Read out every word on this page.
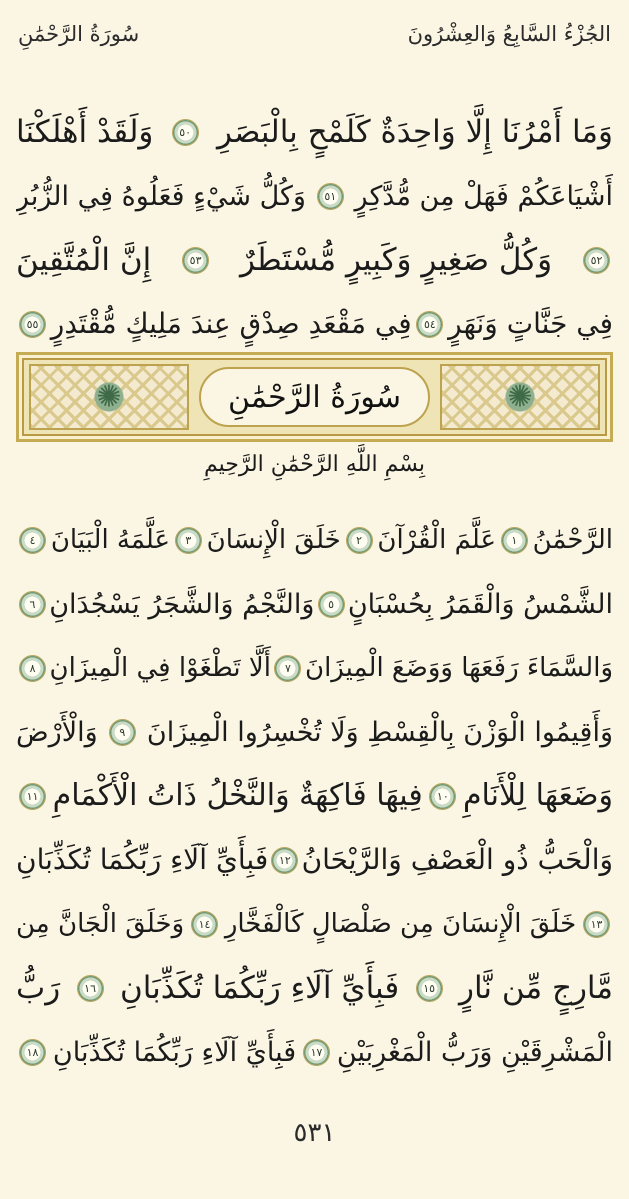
الجُزْءُ السَّابِعُ وَالعِشْرُونَ
سُورَةُ الرَّحْمَٰنِ
وَمَا أَمْرُنَا إِلَّا وَاحِدَةٌ كَلَمْحٍ بِالْبَصَرِ
٥٠
وَلَقَدْ أَهْلَكْنَا
أَشْيَاعَكُمْ فَهَلْ مِن مُّدَّكِرٍ
٥١
وَكُلُّ شَيْءٍ فَعَلُوهُ فِي الزُّبُرِ
٥٢
وَكُلُّ صَغِيرٍ وَكَبِيرٍ مُّسْتَطَرٌ
٥٣
إِنَّ الْمُتَّقِينَ
فِي جَنَّاتٍ وَنَهَرٍ
٥٤
فِي مَقْعَدِ صِدْقٍ عِندَ مَلِيكٍ مُّقْتَدِرٍ
٥٥
✺
سُورَةُ الرَّحْمَٰنِ
✺
بِسْمِ اللَّهِ الرَّحْمَٰنِ الرَّحِيمِ
الرَّحْمَٰنُ
١
عَلَّمَ الْقُرْآنَ
٢
خَلَقَ الْإِنسَانَ
٣
عَلَّمَهُ الْبَيَانَ
٤
الشَّمْسُ وَالْقَمَرُ بِحُسْبَانٍ
٥
وَالنَّجْمُ وَالشَّجَرُ يَسْجُدَانِ
٦
وَالسَّمَاءَ رَفَعَهَا وَوَضَعَ الْمِيزَانَ
٧
أَلَّا تَطْغَوْا فِي الْمِيزَانِ
٨
وَأَقِيمُوا الْوَزْنَ بِالْقِسْطِ وَلَا تُخْسِرُوا الْمِيزَانَ
٩
وَالْأَرْضَ
وَضَعَهَا لِلْأَنَامِ
١٠
فِيهَا فَاكِهَةٌ وَالنَّخْلُ ذَاتُ الْأَكْمَامِ
١١
وَالْحَبُّ ذُو الْعَصْفِ وَالرَّيْحَانُ
١٢
فَبِأَيِّ آلَاءِ رَبِّكُمَا تُكَذِّبَانِ
١٣
خَلَقَ الْإِنسَانَ مِن صَلْصَالٍ كَالْفَخَّارِ
١٤
وَخَلَقَ الْجَانَّ مِن
مَّارِجٍ مِّن نَّارٍ
١٥
فَبِأَيِّ آلَاءِ رَبِّكُمَا تُكَذِّبَانِ
١٦
رَبُّ
الْمَشْرِقَيْنِ وَرَبُّ الْمَغْرِبَيْنِ
١٧
فَبِأَيِّ آلَاءِ رَبِّكُمَا تُكَذِّبَانِ
١٨
٥٣١
